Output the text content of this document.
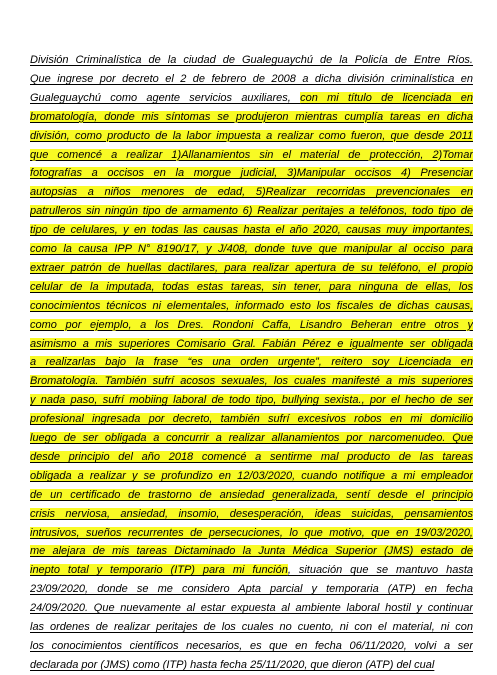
División Criminalística de la ciudad de Gualeguaychú de la Policía de Entre Ríos.
Que ingrese por decreto el 2 de febrero de 2008 a dicha división criminalística en
Gualeguaychú como agente servicios auxiliares, con mi título de licenciada en
bromatología, donde mis síntomas se produjeron mientras cumplía tareas en dicha
división, como producto de la labor impuesta a realizar como fueron, que desde 2011
que comencé a realizar 1)Allanamientos sin el material de protección, 2)Tomar
fotografías a occisos en la morgue judicial, 3)Manipular occisos 4) Presenciar
autopsias a niños menores de edad, 5)Realizar recorridas prevencionales en
patrulleros sin ningún tipo de armamento 6) Realizar peritajes a teléfonos, todo tipo de
tipo de celulares, y en todas las causas hasta el año 2020, causas muy importantes,
como la causa IPP N° 8190/17, y J/408, donde tuve que manipular al occiso para
extraer patrón de huellas dactilares, para realizar apertura de su teléfono, el propio
celular de la imputada, todas estas tareas, sin tener, para ninguna de ellas, los
conocimientos técnicos ni elementales, informado esto los fiscales de dichas causas,
como por ejemplo, a los Dres. Rondoni Caffa, Lisandro Beheran entre otros y
asimismo a mis superiores Comisario Gral. Fabián Pérez e igualmente ser obligada
a realizarlas bajo la frase “es una orden urgente”, reitero soy Licenciada en
Bromatología. También sufrí acosos sexuales, los cuales manifesté a mis superiores
y nada paso, sufrí mobiing laboral de todo tipo, bullying sexista., por el hecho de ser
profesional ingresada por decreto, también sufrí excesivos robos en mi domicilio
luego de ser obligada a concurrir a realizar allanamientos por narcomenudeo. Que
desde principio del año 2018 comencé a sentirme mal producto de las tareas
obligada a realizar y se profundizo en 12/03/2020, cuando notifique a mi empleador
de un certificado de trastorno de ansiedad generalizada, sentí desde el principio
crisis nerviosa, ansiedad, insomio, desesperación, ideas suicidas, pensamientos
intrusivos, sueños recurrentes de persecuciones, lo que motivo, que en 19/03/2020,
me alejara de mis tareas Dictaminado la Junta Médica Superior (JMS) estado de
inepto total y temporario (ITP) para mi función, situación que se mantuvo hasta
23/09/2020, donde se me considero Apta parcial y temporaria (ATP) en fecha
24/09/2020. Que nuevamente al estar expuesta al ambiente laboral hostil y continuar
las ordenes de realizar peritajes de los cuales no cuento, ni con el material, ni con
los conocimientos científicos necesarios, es que en fecha 06/11/2020, volvi a ser
declarada por (JMS) como (ITP) hasta fecha 25/11/2020, que dieron (ATP) del cual
